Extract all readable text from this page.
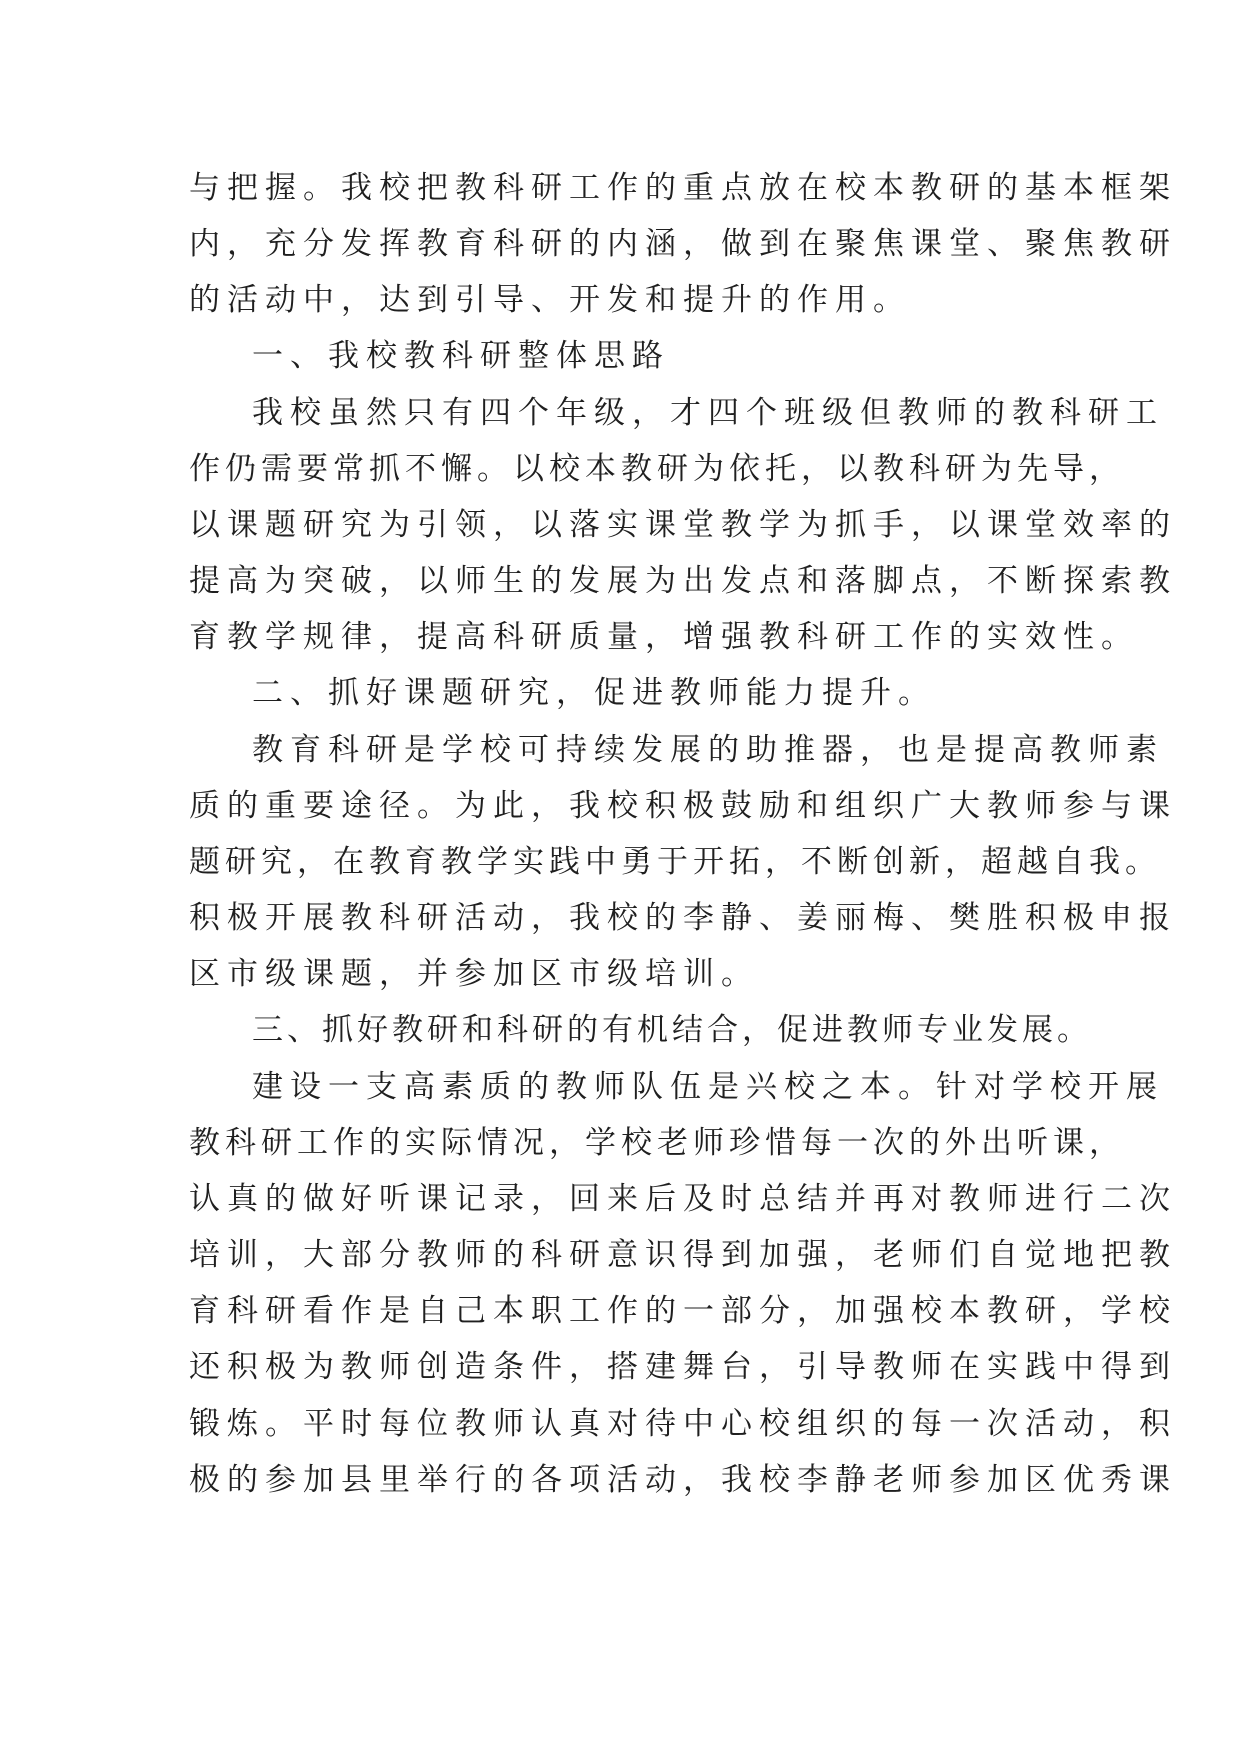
与把握。我校把教科研工作的重点放在校本教研的基本框架
内，充分发挥教育科研的内涵，做到在聚焦课堂、聚焦教研
的活动中，达到引导、开发和提升的作用。
一、我校教科研整体思路
我校虽然只有四个年级，才四个班级但教师的教科研工
作仍需要常抓不懈。以校本教研为依托，以教科研为先导，
以课题研究为引领，以落实课堂教学为抓手，以课堂效率的
提高为突破，以师生的发展为出发点和落脚点，不断探索教
育教学规律，提高科研质量，增强教科研工作的实效性。
二、抓好课题研究，促进教师能力提升。
教育科研是学校可持续发展的助推器，也是提高教师素
质的重要途径。为此，我校积极鼓励和组织广大教师参与课
题研究，在教育教学实践中勇于开拓，不断创新，超越自我。
积极开展教科研活动，我校的李静、姜丽梅、樊胜积极申报
区市级课题，并参加区市级培训。
三、抓好教研和科研的有机结合，促进教师专业发展。
建设一支高素质的教师队伍是兴校之本。针对学校开展
教科研工作的实际情况，学校老师珍惜每一次的外出听课，
认真的做好听课记录，回来后及时总结并再对教师进行二次
培训，大部分教师的科研意识得到加强，老师们自觉地把教
育科研看作是自己本职工作的一部分，加强校本教研，学校
还积极为教师创造条件，搭建舞台，引导教师在实践中得到
锻炼。平时每位教师认真对待中心校组织的每一次活动，积
极的参加县里举行的各项活动，我校李静老师参加区优秀课
